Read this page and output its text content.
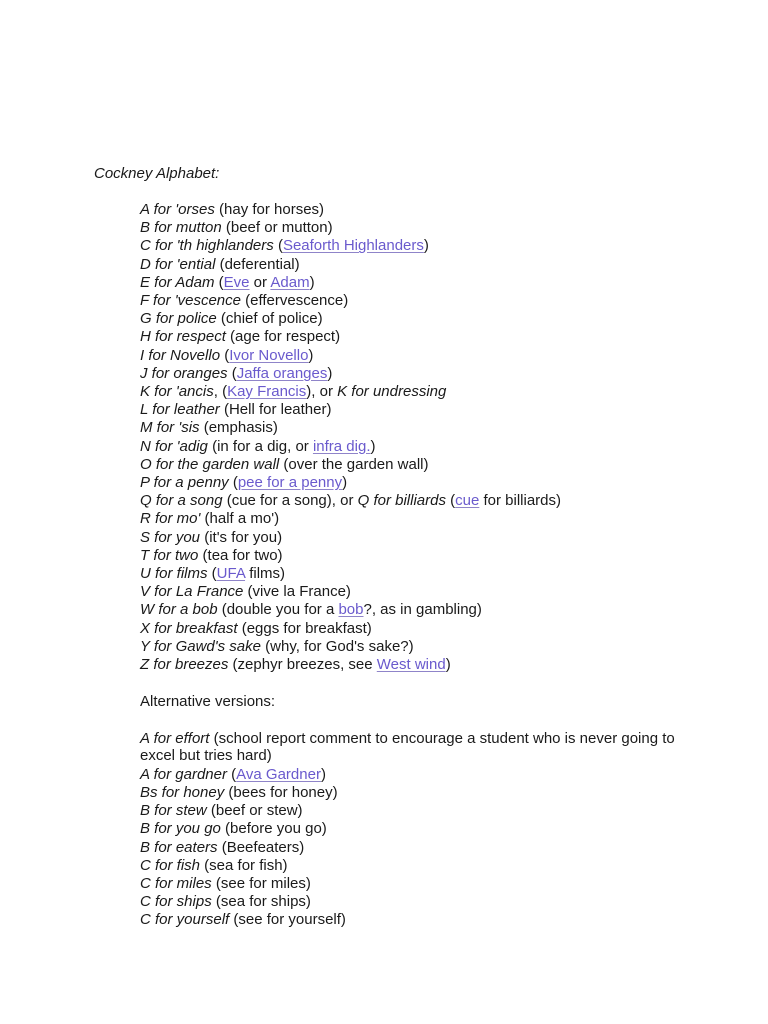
Cockney Alphabet:
A for 'orses (hay for horses)
B for mutton (beef or mutton)
C for 'th highlanders (Seaforth Highlanders)
D for 'ential (deferential)
E for Adam (Eve or Adam)
F for 'vescence (effervescence)
G for police (chief of police)
H for respect (age for respect)
I for Novello (Ivor Novello)
J for oranges (Jaffa oranges)
K for 'ancis, (Kay Francis), or K for undressing
L for leather (Hell for leather)
M for 'sis (emphasis)
N for 'adig (in for a dig, or infra dig.)
O for the garden wall (over the garden wall)
P for a penny (pee for a penny)
Q for a song (cue for a song), or Q for billiards (cue for billiards)
R for mo' (half a mo')
S for you (it's for you)
T for two (tea for two)
U for films (UFA films)
V for La France (vive la France)
W for a bob (double you for a bob?, as in gambling)
X for breakfast (eggs for breakfast)
Y for Gawd's sake (why, for God's sake?)
Z for breezes (zephyr breezes, see West wind)
Alternative versions:
A for effort (school report comment to encourage a student who is never going to excel but tries hard)
A for gardner (Ava Gardner)
Bs for honey (bees for honey)
B for stew (beef or stew)
B for you go (before you go)
B for eaters (Beefeaters)
C for fish (sea for fish)
C for miles (see for miles)
C for ships (sea for ships)
C for yourself (see for yourself)
